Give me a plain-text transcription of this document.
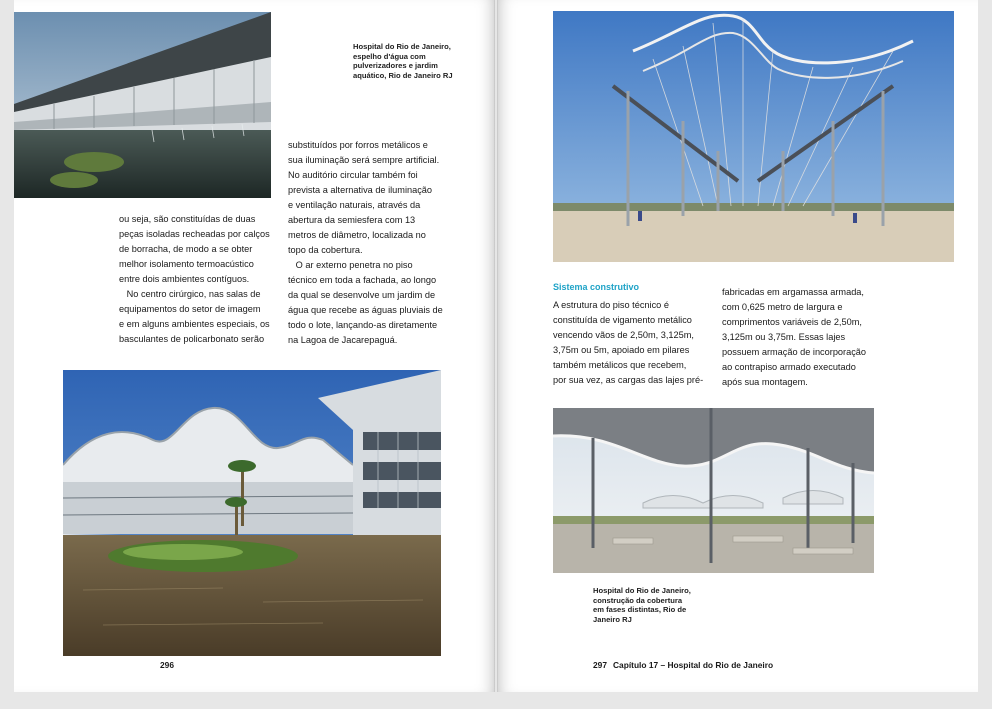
Hospital do Rio de Janeiro,
espelho d'água com
pulverizadores e jardim
aquático, Rio de Janeiro RJ
ou seja, são constituídas de duas
peças isoladas recheadas por calços
de borracha, de modo a se obter
melhor isolamento termoacústico
entre dois ambientes contíguos.
No centro cirúrgico, nas salas de
equipamentos do setor de imagem
e em alguns ambientes especiais, os
basculantes de policarbonato serão
substituídos por forros metálicos e
sua iluminação será sempre artificial.
No auditório circular também foi
prevista a alternativa de iluminação
e ventilação naturais, através da
abertura da semiesfera com 13
metros de diâmetro, localizada no
topo da cobertura.
O ar externo penetra no piso
técnico em toda a fachada, ao longo
da qual se desenvolve um jardim de
água que recebe as águas pluviais de
todo o lote, lançando-as diretamente
na Lagoa de Jacarepaguá.
296
Sistema construtivo
A estrutura do piso técnico é
constituída de vigamento metálico
vencendo vãos de 2,50m, 3,125m,
3,75m ou 5m, apoiado em pilares
também metálicos que recebem,
por sua vez, as cargas das lajes pré-
fabricadas em argamassa armada,
com 0,625 metro de largura e
comprimentos variáveis de 2,50m,
3,125m ou 3,75m. Essas lajes
possuem armação de incorporação
ao contrapiso armado executado
após sua montagem.
Hospital do Rio de Janeiro,
construção da cobertura
em fases distintas, Rio de
Janeiro RJ
297 Capítulo 17 – Hospital do Rio de Janeiro
